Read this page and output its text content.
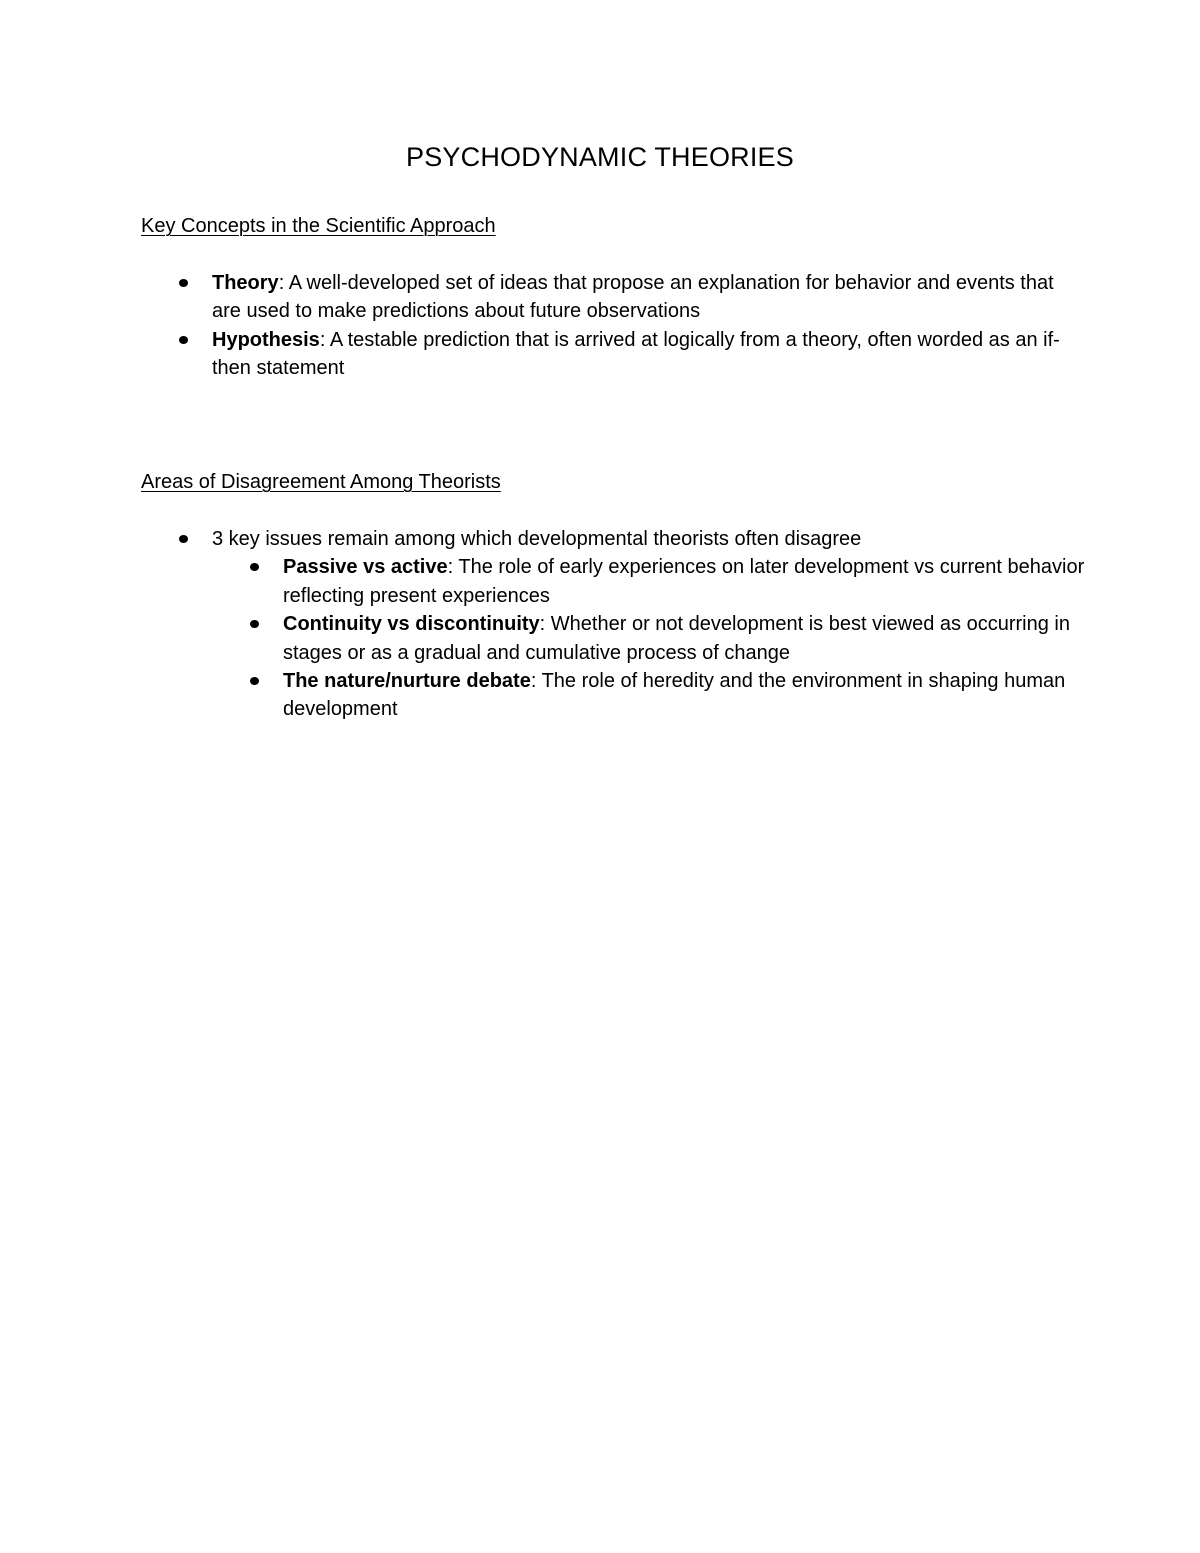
PSYCHODYNAMIC THEORIES
Key Concepts in the Scientific Approach
Theory: A well-developed set of ideas that propose an explanation for behavior and events that are used to make predictions about future observations
Hypothesis: A testable prediction that is arrived at logically from a theory, often worded as an if-then statement
Areas of Disagreement Among Theorists
3 key issues remain among which developmental theorists often disagree
Passive vs active: The role of early experiences on later development vs current behavior reflecting present experiences
Continuity vs discontinuity: Whether or not development is best viewed as occurring in stages or as a gradual and cumulative process of change
The nature/nurture debate: The role of heredity and the environment in shaping human development
